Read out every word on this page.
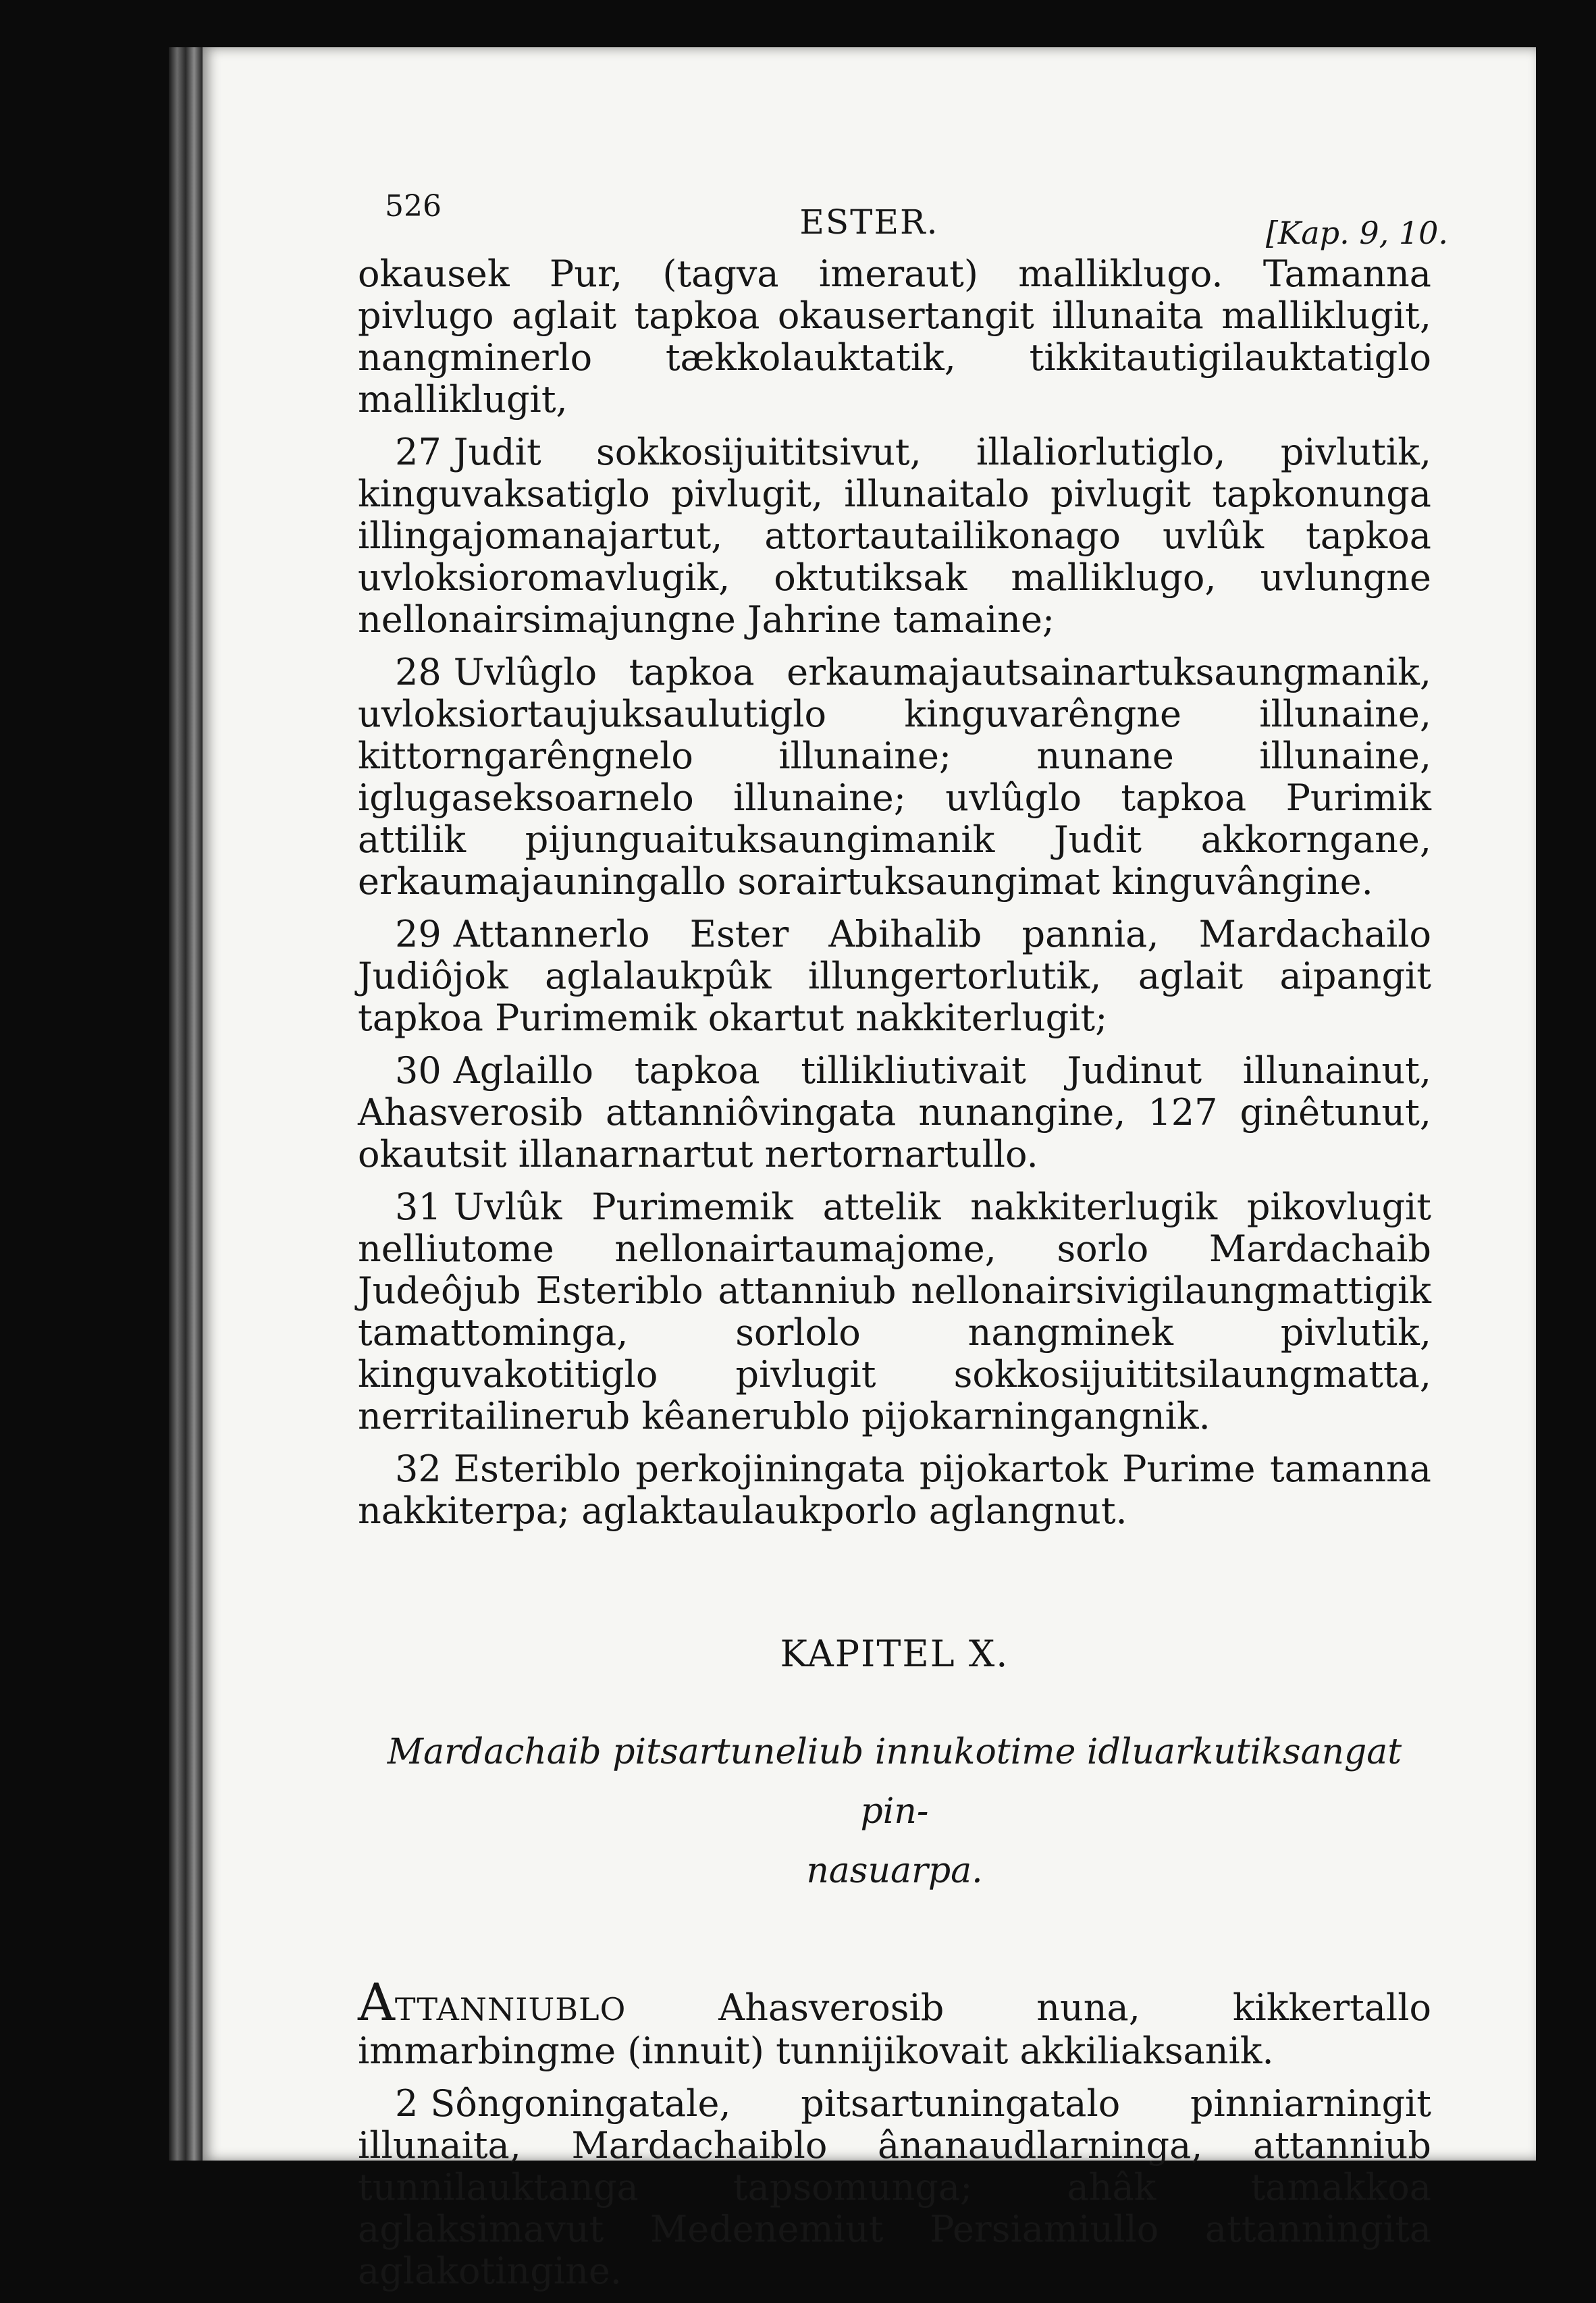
526	ESTER.	[Kap. 9, 10.

okausek Pur, (tagva imeraut) malliklugo. Tamanna pivlugo aglait tapkoa okausertangit illunaita malliklugit, nangminerlo tækkolauktatik, tikkitautigilauktatiglo malliklugit,

27 Judit sokkosijuititsivut, illaliorlutiglo, pivlutik, kinguvaksatiglo pivlugit, illunaitalo pivlugit tapkonunga illingajomanajartut, attortautailikonago uvlûk tapkoa uvloksioromavlugik, oktutiksak malliklugo, uvlungne nellonairsimajungne Jahrine tamaine;

28 Uvlûglo tapkoa erkaumajautsainartuksaungmanik, uvloksiortaujuksaulutiglo kinguvarêngne illunaine, kittorngarêngnelo illunaine; nunane illunaine, iglugaseksoarnelo illunaine; uvlûglo tapkoa Purimik attilik pijunguaituksaungimanik Judit akkorngane, erkaumajauningallo sorairtuksaungimat kinguvângine.

29 Attannerlo Ester Abihalib pannia, Mardachailo Judiôjok aglalaukpûk illungertorlutik, aglait aipangit tapkoa Purimemik okartut nakkiterlugit;

30 Aglaillo tapkoa tillikliutivait Judinut illunainut, Ahasverosib attanniôvingata nunangine, 127 ginêtunut, okautsit illanarnartut nertornartullo.

31 Uvlûk Purimemik attelik nakkiterlugik pikovlugit nelliutome nellonairtaumajome, sorlo Mardachaib Judeôjub Esteriblo attanniub nellonairsivigilaungmattigik tamattominga, sorlolo nangminek pivlutik, kinguvakotitiglo pivlugit sokkosijuititsilaungmatta, nerritailinerub kêanerublo pijokarningangnik.

32 Esteriblo perkojiningata pijokartok Purime tamanna nakkiterpa; aglaktaulaukporlo aglangnut.

KAPITEL X.
Mardachaib pitsartuneliub innukotime idluarkutiksangat pin-
nasuarpa.

ATTANNIUBLO	Ahasverosib nuna, kikkertallo immarbingme (innuit) tunnijikovait akkiliaksanik.

2 Sôngoningatale, pitsartuningatalo pinniarningit illunaita, Mardachaiblo ânanaudlarninga, attanniub tunnilauktanga tapsomunga; ahâk tamakkoa aglaksimavut Medenemiut Persiamiullo attanningita aglakotingine.
